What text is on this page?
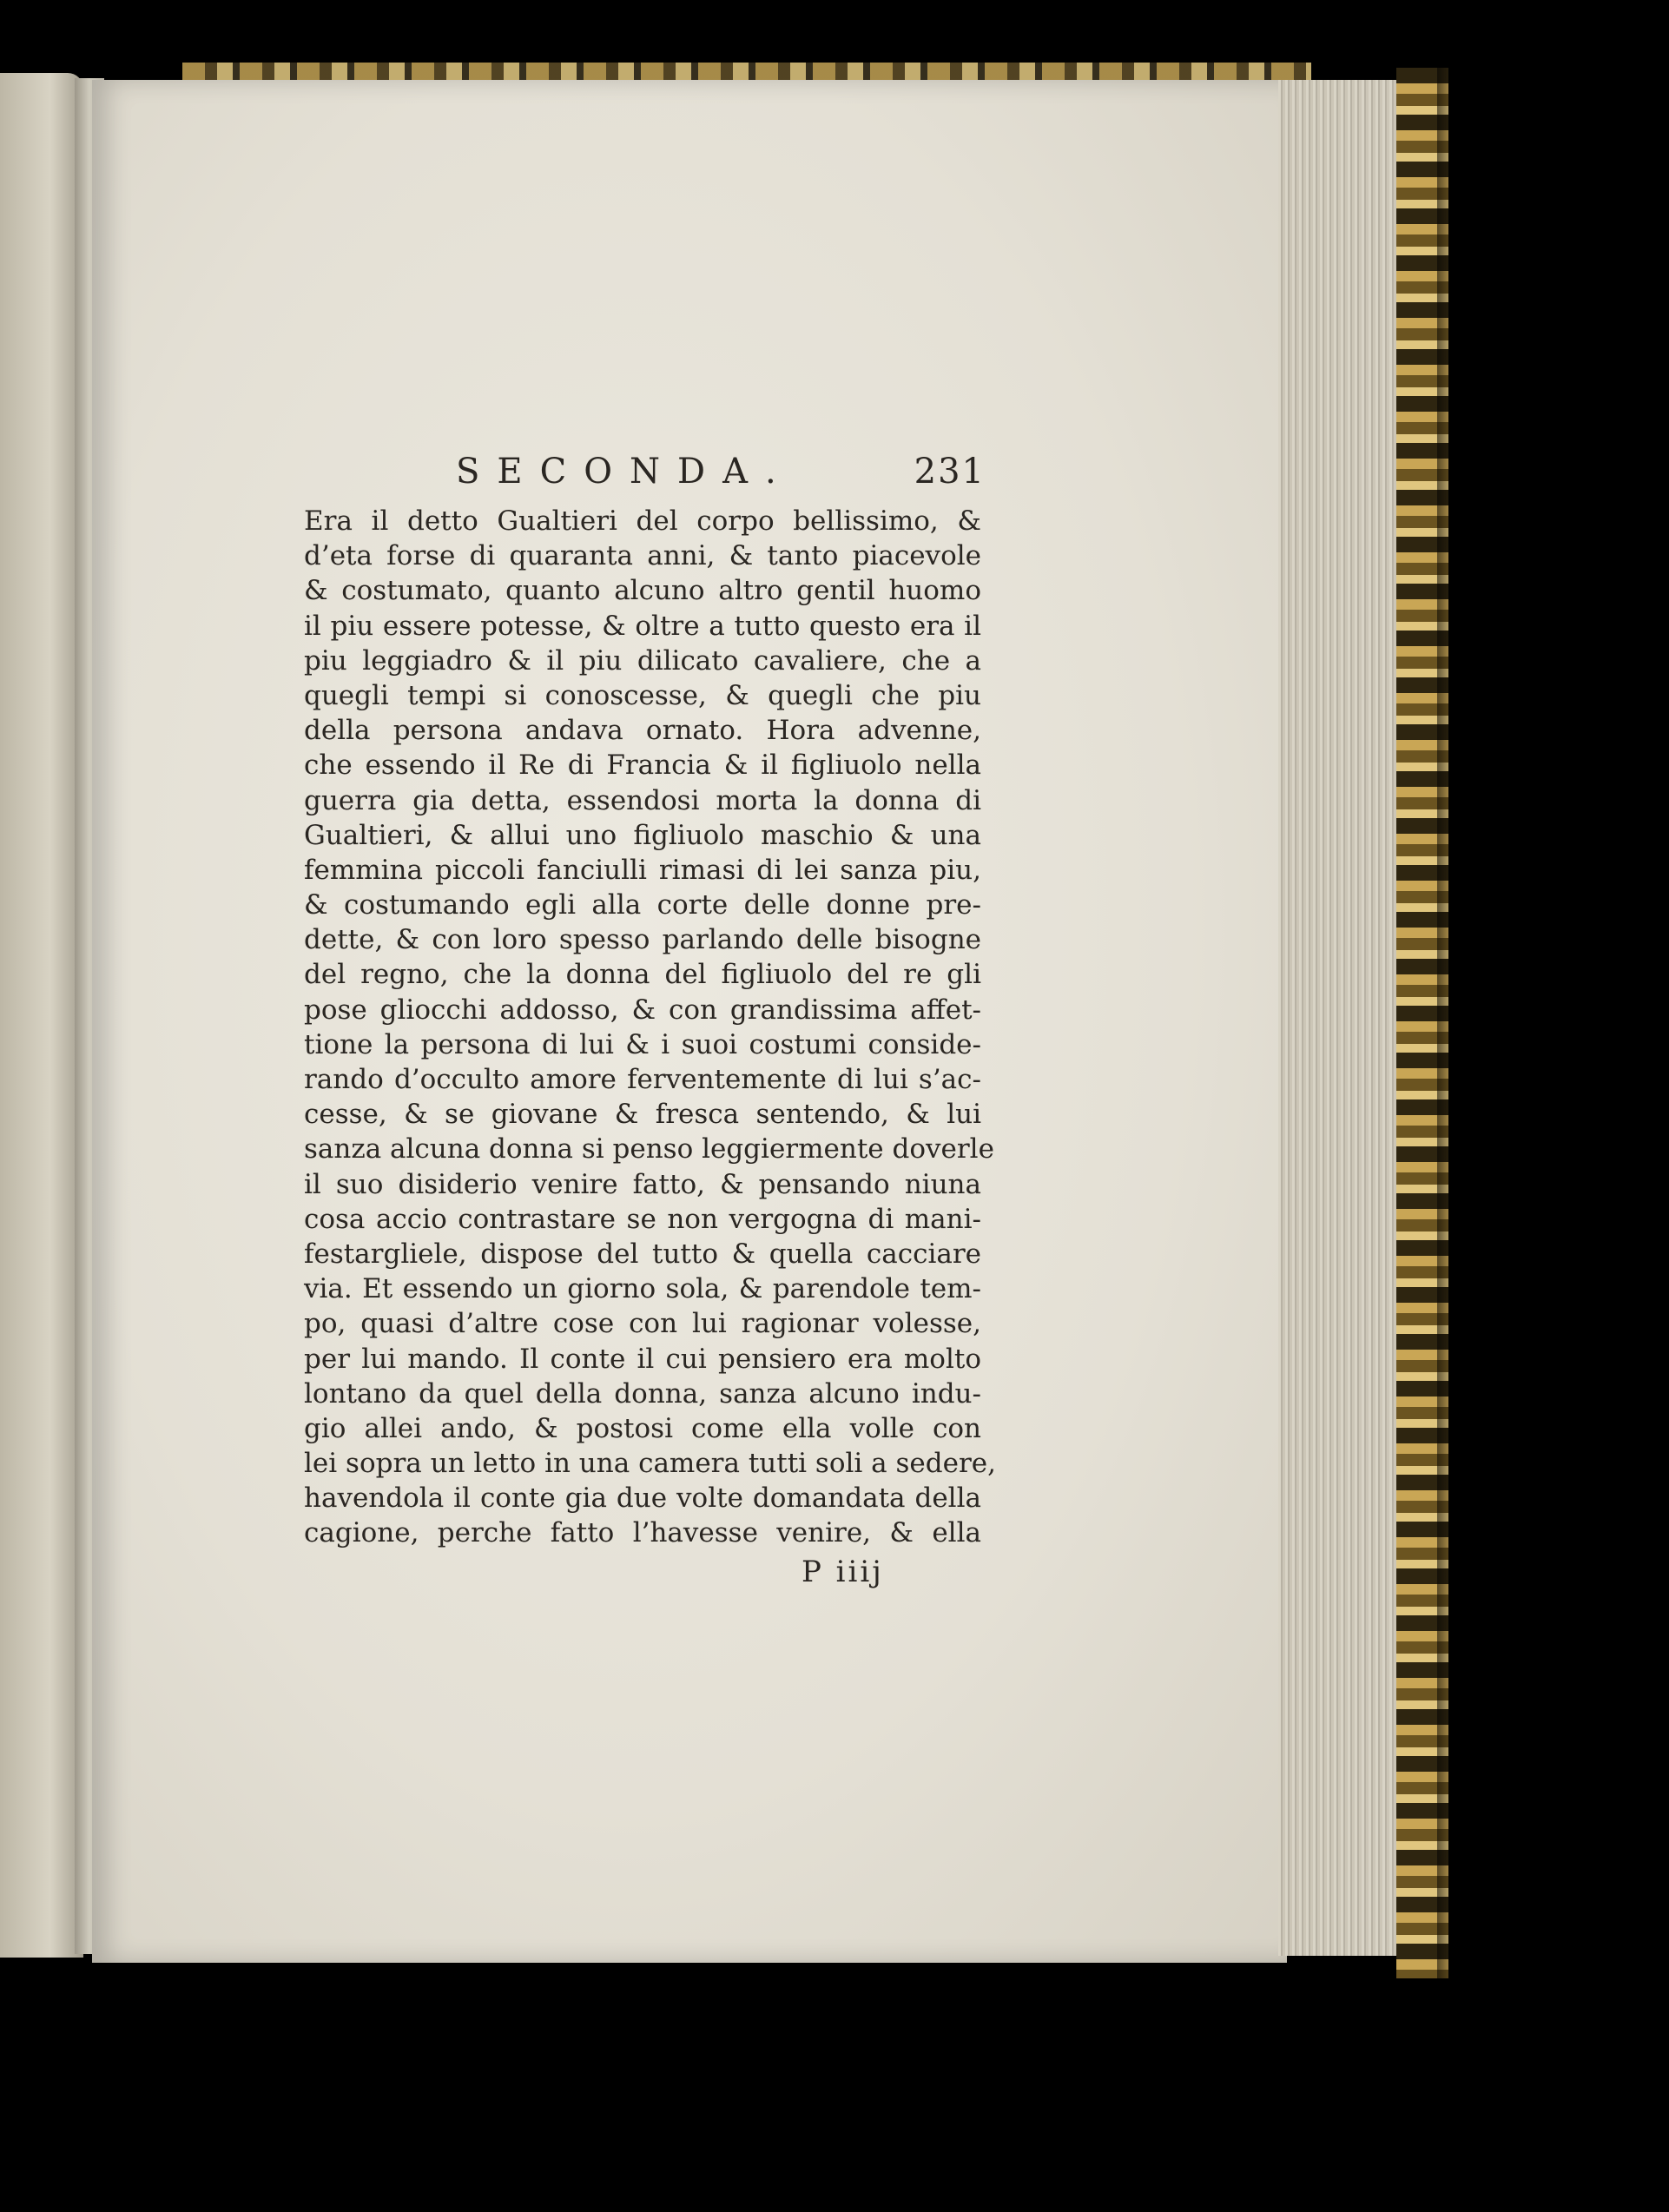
SECONDA.	231
Era il detto Gualtieri del corpo bellissimo, &
d’eta forse di quaranta anni, & tanto piacevole
& costumato, quanto alcuno altro gentil huomo
il piu essere potesse, & oltre a tutto questo era il
piu leggiadro & il piu dilicato cavaliere, che a
quegli tempi si conoscesse, & quegli che piu
della persona andava ornato. Hora advenne,
che essendo il Re di Francia & il figliuolo nella
guerra gia detta, essendosi morta la donna di
Gualtieri, & allui uno figliuolo maschio & una
femmina piccoli fanciulli rimasi di lei sanza piu,
& costumando egli alla corte delle donne pre-
dette, & con loro spesso parlando delle bisogne
del regno, che la donna del figliuolo del re gli
pose gliocchi addosso, & con grandissima affet-
tione la persona di lui & i suoi costumi conside-
rando d’occulto amore ferventemente di lui s’ac-
cesse, & se giovane & fresca sentendo, & lui
sanza alcuna donna si penso leggiermente doverle
il suo disiderio venire fatto, & pensando niuna
cosa accio contrastare se non vergogna di mani-
festargliele, dispose del tutto & quella cacciare
via. Et essendo un giorno sola, & parendole tem-
po, quasi d’altre cose con lui ragionar volesse,
per lui mando. Il conte il cui pensiero era molto
lontano da quel della donna, sanza alcuno indu-
gio allei ando, & postosi come ella volle con
lei sopra un letto in una camera tutti soli a sedere,
havendola il conte gia due volte domandata della
cagione, perche fatto l’havesse venire, & ella
P iiij
